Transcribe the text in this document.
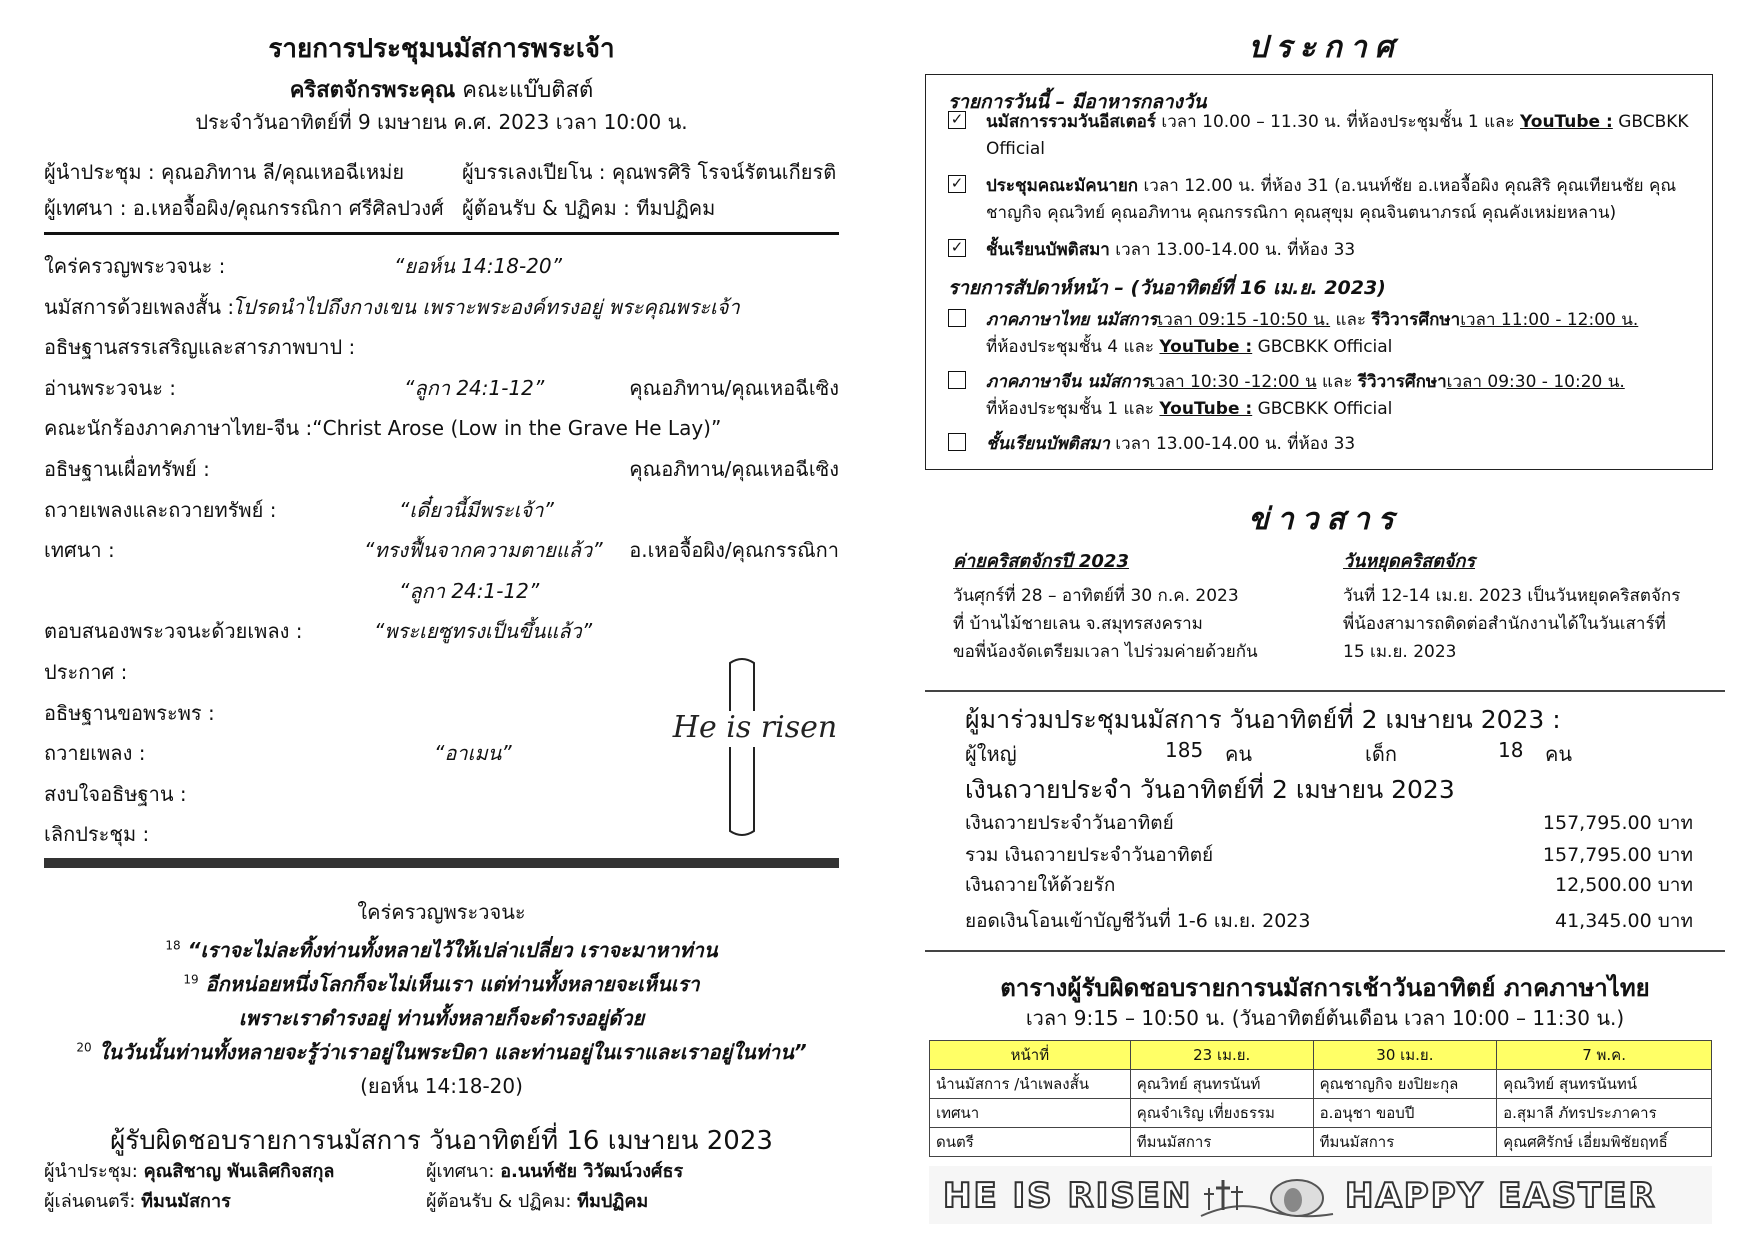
รายการประชุมนมัสการพระเจ้า
คริสตจักรพระคุณ คณะแบ๊บติสต์
ประจำวันอาทิตย์ที่ 9 เมษายน ค.ศ. 2023 เวลา 10:00 น.
ผู้นำประชุม : คุณอภิทาน ลี/คุณเหอฉีเหม่ย	ผู้บรรเลงเปียโน : คุณพรศิริ โรจน์รัตนเกียรติ
ผู้เทศนา : อ.เหอจื้อผิง/คุณกรรณิกา ศรีศิลปวงศ์ ผู้ต้อนรับ & ปฏิคม : ทีมปฏิคม
ใคร่ครวญพระวจนะ :	“ยอห์น 14:18-20”
นมัสการด้วยเพลงสั้น :
โปรดนำไปถึงกางเขน เพราะพระองค์ทรงอยู่ พระคุณพระเจ้า
อธิษฐานสรรเสริญและสารภาพบาป :
อ่านพระวจนะ :	“ลูกา 24:1-12”	คุณอภิทาน/คุณเหอฉีเซิง
คณะนักร้องภาคภาษาไทย-จีน :“Christ Arose (Low in the Grave He Lay)”
อธิษฐานเผื่อทรัพย์ :	คุณอภิทาน/คุณเหอฉีเซิง
ถวายเพลงและถวายทรัพย์ :	“เดี๋ยวนี้มีพระเจ้า”
เทศนา :	“ทรงฟื้นจากความตายแล้ว” อ.เหอจื้อผิง/คุณกรรณิกา
“ลูกา 24:1-12”
ตอบสนองพระวจนะด้วยเพลง :	“พระเยซูทรงเป็นขึ้นแล้ว”
ประกาศ :
อธิษฐานขอพระพร :
ถวายเพลง :	“อาเมน”
สงบใจอธิษฐาน :
เลิกประชุม :
He is risen
ใคร่ครวญพระวจนะ
$^{18}$ “เราจะไม่ละทิ้งท่านทั้งหลายไว้ให้เปล่าเปลี่ยว เราจะมาหาท่าน
$^{19}$ อีกหน่อยหนึ่งโลกก็จะไม่เห็นเรา แต่ท่านทั้งหลายจะเห็นเรา
เพราะเราดำรงอยู่ ท่านทั้งหลายก็จะดำรงอยู่ด้วย
$^{20}$ ในวันนั้นท่านทั้งหลายจะรู้ว่าเราอยู่ในพระบิดา และท่านอยู่ในเราและเราอยู่ในท่าน”
(ยอห์น 14:18-20)
ผู้รับผิดชอบรายการนมัสการ วันอาทิตย์ที่ 16 เมษายน 2023
ผู้นำประชุม: คุณสิชาญ พันเลิศกิจสกุล	ผู้เทศนา: อ.นนท์ชัย วิวัฒน์วงศ์ธร
ผู้เล่นดนตรี: ทีมนมัสการ	ผู้ต้อนรับ & ปฏิคม: ทีมปฏิคม
ประกาศ
รายการวันนี้ – มีอาหารกลางวัน
✓ นมัสการรวมวันอีสเตอร์ เวลา 10.00 – 11.30 น. ที่ห้องประชุมชั้น 1 และ YouTube : GBCBKK Official
✓ ประชุมคณะมัคนายก เวลา 12.00 น. ที่ห้อง 31 (อ.นนท์ชัย อ.เหอจื้อผิง คุณสิริ คุณเทียนชัย คุณชาญกิจ คุณวิทย์ คุณอภิทาน คุณกรรณิกา คุณสุขุม คุณจินตนาภรณ์ คุณคังเหม่ยหลาน)
✓ ชั้นเรียนบัพติสมา เวลา 13.00-14.00 น. ที่ห้อง 33
รายการสัปดาห์หน้า – (วันอาทิตย์ที่ 16 เม.ย. 2023)
ภาคภาษาไทย นมัสการเวลา 09:15 -10:50 น. และ รีวิวารศึกษาเวลา 11:00 - 12:00 น.
ที่ห้องประชุมชั้น 4 และ YouTube : GBCBKK Official
ภาคภาษาจีน นมัสการเวลา 10:30 -12:00 น และ รีวิวารศึกษาเวลา 09:30 - 10:20 น.
ที่ห้องประชุมชั้น 1 และ YouTube : GBCBKK Official
ชั้นเรียนบัพติสมา เวลา 13.00-14.00 น. ที่ห้อง 33
ข่าวสาร
ค่ายคริสตจักรปี 2023
วันศุกร์ที่ 28 – อาทิตย์ที่ 30 ก.ค. 2023
ที่ บ้านไม้ชายเลน จ.สมุทรสงคราม
ขอพี่น้องจัดเตรียมเวลา ไปร่วมค่ายด้วยกัน
วันหยุดคริสตจักร
วันที่ 12-14 เม.ย. 2023 เป็นวันหยุดคริสตจักร
พี่น้องสามารถติดต่อสำนักงานได้ในวันเสาร์ที่
15 เม.ย. 2023
ผู้มาร่วมประชุมนมัสการ วันอาทิตย์ที่ 2 เมษายน 2023 :
ผู้ใหญ่	185 คน	เด็ก	18 คน
เงินถวายประจำ วันอาทิตย์ที่ 2 เมษายน 2023
เงินถวายประจำวันอาทิตย์	157,795.00 บาท
รวม เงินถวายประจำวันอาทิตย์	157,795.00 บาท
เงินถวายให้ด้วยรัก	12,500.00 บาท
ยอดเงินโอนเข้าบัญชีวันที่ 1-6 เม.ย. 2023	41,345.00 บาท
ตารางผู้รับผิดชอบรายการนมัสการเช้าวันอาทิตย์ ภาคภาษาไทย
เวลา 9:15 – 10:50 น. (วันอาทิตย์ต้นเดือน เวลา 10:00 – 11:30 น.)
หน้าที่	23 เม.ย.	30 เม.ย.	7 พ.ค.
นำนมัสการ /นำเพลงสั้น	คุณวิทย์ สุนทรนันท์	คุณชาญกิจ ยงปิยะกุล	คุณวิทย์ สุนทรนันทน์
เทศนา	คุณจำเริญ เที่ยงธรรม	อ.อนุชา ขอบปี	อ.สุมาลี ภัทรประภาคาร
ดนตรี	ทีมนมัสการ	ทีมนมัสการ	คุณศศิรักษ์ เอี่ยมพิชัยฤทธิ์
HE IS RISEN	HAPPY EASTER
